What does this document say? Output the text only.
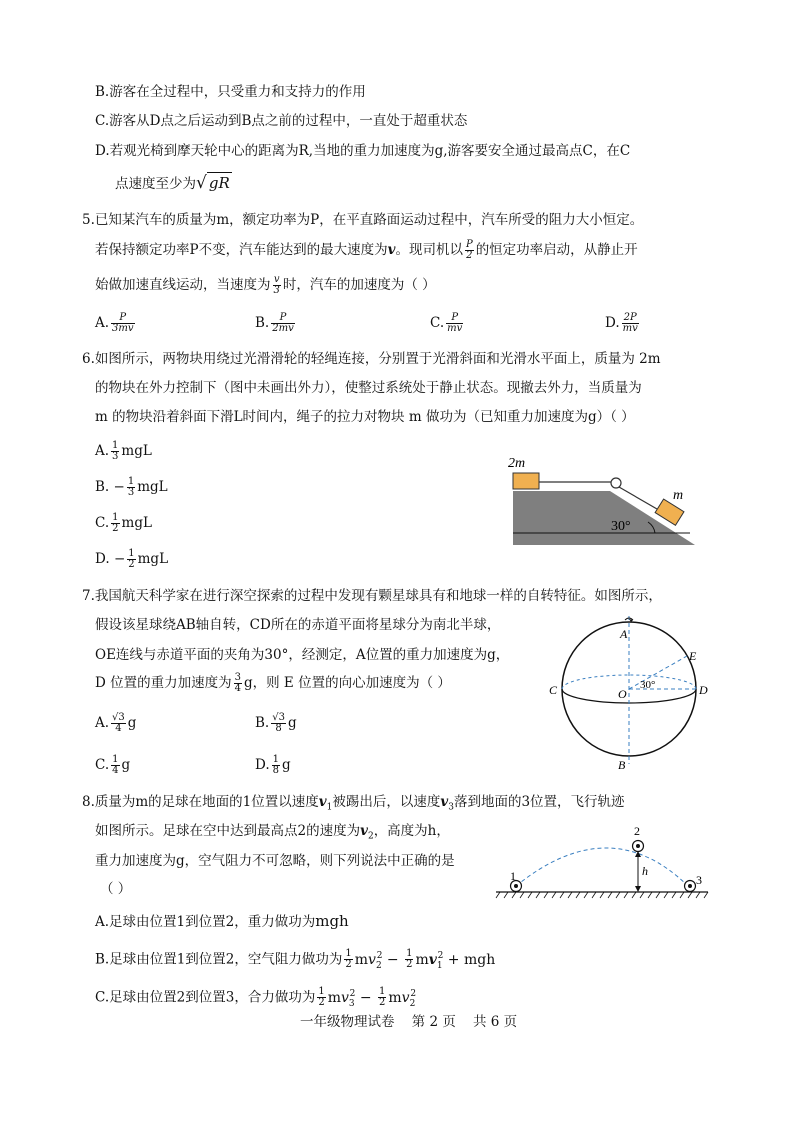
B.游客在全过程中，只受重力和支持力的作用
C.游客从D点之后运动到B点之前的过程中，一直处于超重状态
D.若观光椅到摩天轮中心的距离为R,当地的重力加速度为g,游客要安全通过最高点C，在C
点速度至少为√ gR
5.已知某汽车的质量为m，额定功率为P，在平直路面运动过程中，汽车所受的阻力大小恒定。
若保持额定功率P不变，汽车能达到的最大速度为v。现司机以 $\frac{P}{2}$ 的恒定功率启动，从静止开
始做加速直线运动，当速度为 $\frac{v}{3}$ 时，汽车的加速度为（ ）
A. $\frac{P}{3mv}$	B. $\frac{P}{2mv}$	C. $\frac{P}{mv}$	D. $\frac{2P}{mv}$
6.如图所示，两物块用绕过光滑滑轮的轻绳连接，分别置于光滑斜面和光滑水平面上，质量为 2m
的物块在外力控制下（图中未画出外力），使整过系统处于静止状态。现撤去外力，当质量为
m 的物块沿着斜面下滑L时间内，绳子的拉力对物块 m 做功为（已知重力加速度为g）（ ）
A. $\frac{1}{3}$ mgL
B. − $\frac{1}{3}$ mgL
C. $\frac{1}{2}$ mgL
D. − $\frac{1}{2}$ mgL
2m
m
30°
7.我国航天科学家在进行深空探索的过程中发现有颗星球具有和地球一样的自转特征。如图所示，
假设该星球绕AB轴自转，CD所在的赤道平面将星球分为南北半球，
OE连线与赤道平面的夹角为30°，经测定，A位置的重力加速度为g，
D 位置的重力加速度为 $\frac{3}{4}$ g，则 E 位置的向心加速度为（ ）
A. $\frac{√3}{4}$ g	B. $\frac{√3}{8}$ g
C. $\frac{1}{4}$ g	D. $\frac{1}{8}$ g
A
B
C	D
E
O
30°
8.质量为m的足球在地面的1位置以速度$v_1$被踢出后，以速度$v_3$落到地面的3位置，飞行轨迹
如图所示。足球在空中达到最高点2的速度为$v_2$，高度为h，
重力加速度为g，空气阻力不可忽略，则下列说法中正确的是
（ ）
A.足球由位置1到位置2，重力做功为mgh
B.足球由位置1到位置2，空气阻力做功为 $\frac{1}{2} mv_2^2 - \frac{1}{2} mv_1^2$ + mgh
C.足球由位置2到位置3，合力做功为 $\frac{1}{2} mv_3^2 - \frac{1}{2} mv_2^2$
1
2
3
h
一年级物理试卷 第 2 页 共 6 页
